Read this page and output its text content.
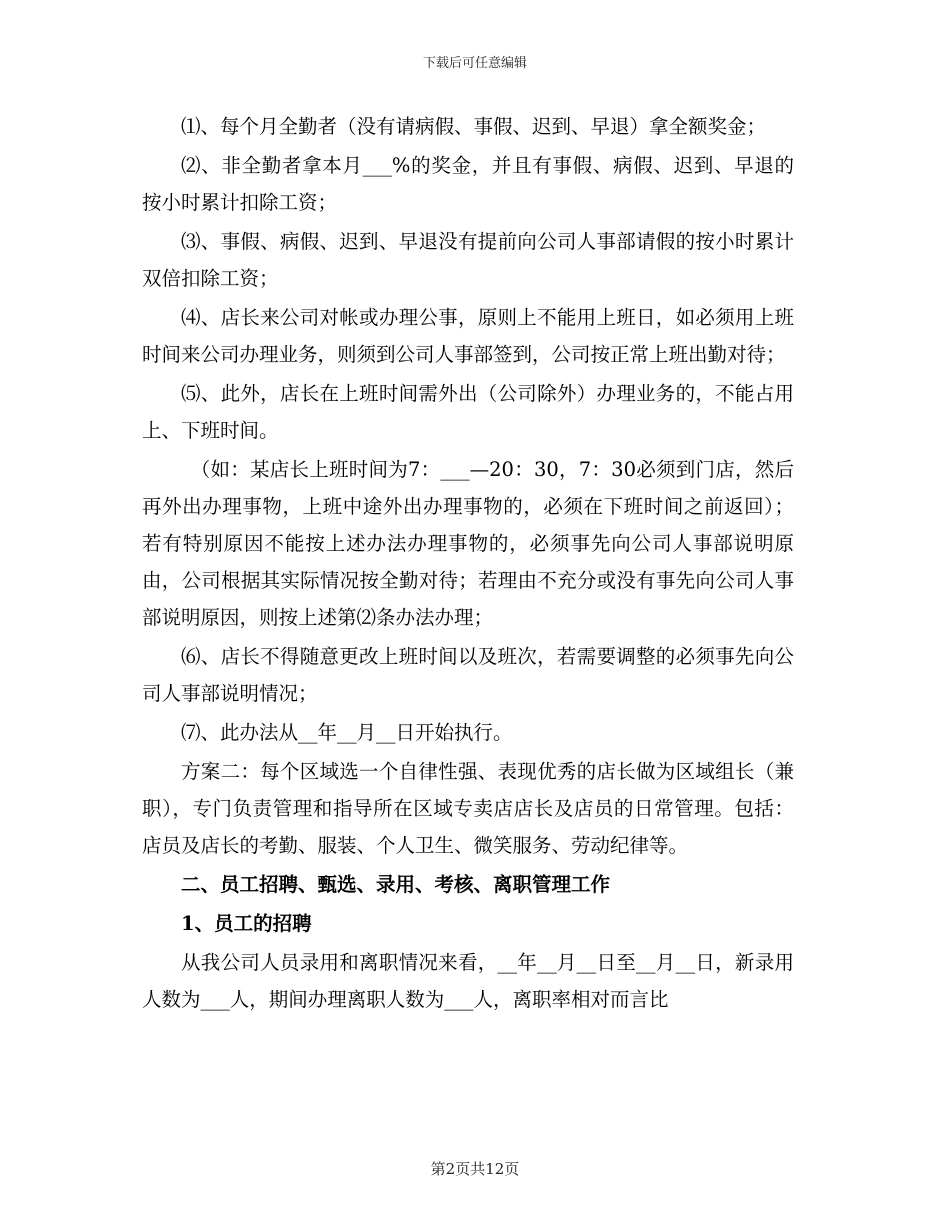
下载后可任意编辑

⑴、每个月全勤者（没有请病假、事假、迟到、早退）拿全额奖金；

⑵、非全勤者拿本月___%的奖金，并且有事假、病假、迟到、早退的按小时累计扣除工资；

⑶、事假、病假、迟到、早退没有提前向公司人事部请假的按小时累计双倍扣除工资；

⑷、店长来公司对帐或办理公事，原则上不能用上班日，如必须用上班时间来公司办理业务，则须到公司人事部签到，公司按正常上班出勤对待；

⑸、此外，店长在上班时间需外出（公司除外）办理业务的，不能占用上、下班时间。

（如：某店长上班时间为7：___—20：30，7：30必须到门店，然后再外出办理事物，上班中途外出办理事物的，必须在下班时间之前返回）；若有特别原因不能按上述办法办理事物的，必须事先向公司人事部说明原由，公司根据其实际情况按全勤对待；若理由不充分或没有事先向公司人事部说明原因，则按上述第⑵条办法办理；

⑹、店长不得随意更改上班时间以及班次，若需要调整的必须事先向公司人事部说明情况；

⑺、此办法从__年__月__日开始执行。

方案二：每个区域选一个自律性强、表现优秀的店长做为区域组长（兼职），专门负责管理和指导所在区域专卖店店长及店员的日常管理。包括：店员及店长的考勤、服装、个人卫生、微笑服务、劳动纪律等。

二、员工招聘、甄选、录用、考核、离职管理工作

1、员工的招聘

从我公司人员录用和离职情况来看，__年__月__日至__月__日，新录用人数为___人，期间办理离职人数为___人，离职率相对而言比

第2页共12页
